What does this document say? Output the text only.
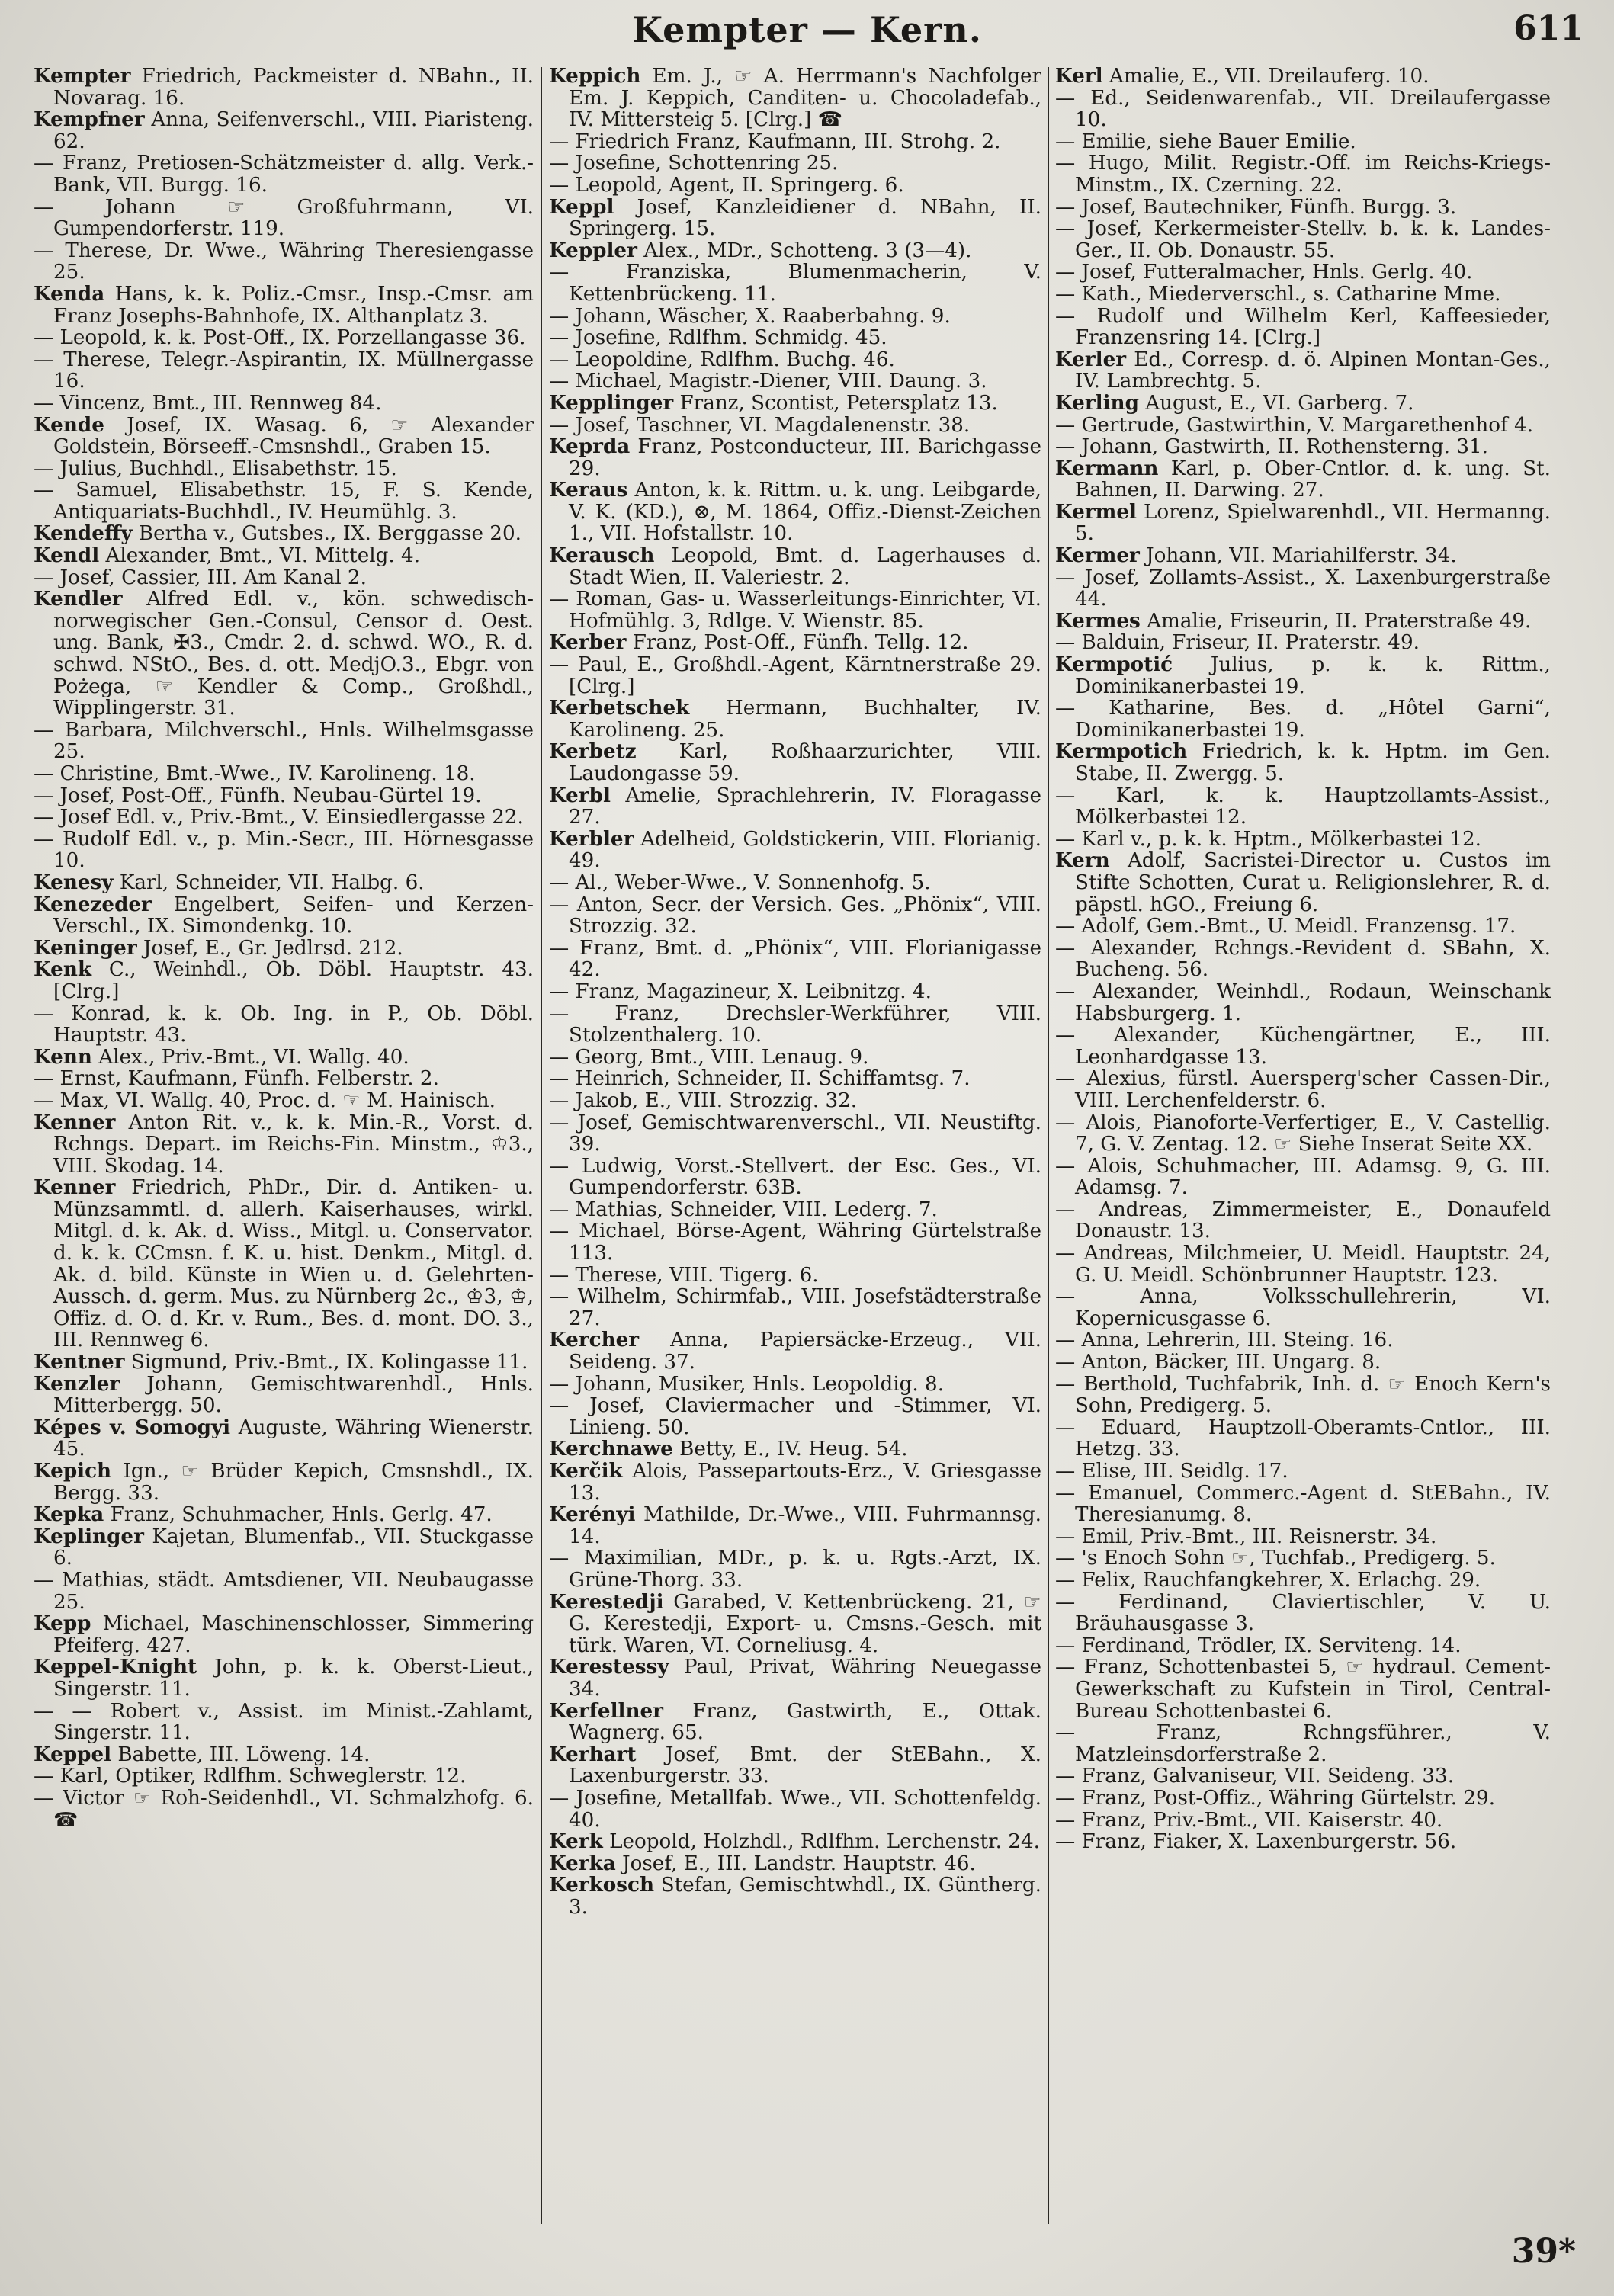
Kempter — Kern.	611

Kempter Friedrich, Packmeister d. NBahn., II. Novarag. 16.

Kempfner Anna, Seifenverschl., VIII. Piaristeng. 62.

— Franz, Pretiosen-Schätzmeister d. allg. Verk.-Bank, VII. Burgg. 16.

— Johann ☞ Großfuhrmann, VI. Gumpendorferstr. 119.

— Therese, Dr. Wwe., Währing Theresiengasse 25.

Kenda Hans, k. k. Poliz.-Cmsr., Insp.-Cmsr. am Franz Josephs-Bahnhofe, IX. Althanplatz 3.

— Leopold, k. k. Post-Off., IX. Porzellangasse 36.

— Therese, Telegr.-Aspirantin, IX. Müllnergasse 16.

— Vincenz, Bmt., III. Rennweg 84.

Kende Josef, IX. Wasag. 6, ☞ Alexander Goldstein, Börseeff.-Cmsnshdl., Graben 15.

— Julius, Buchhdl., Elisabethstr. 15.

— Samuel, Elisabethstr. 15, F. S. Kende, Antiquariats-Buchhdl., IV. Heumühlg. 3.

Kendeffy Bertha v., Gutsbes., IX. Berggasse 20.

Kendl Alexander, Bmt., VI. Mittelg. 4.

— Josef, Cassier, III. Am Kanal 2.

Kendler Alfred Edl. v., kön. schwedisch-norwegischer Gen.-Consul, Censor d. Oest. ung. Bank, ✠3., Cmdr. 2. d. schwd. WO., R. d. schwd. NStO., Bes. d. ott. MedjO.3., Ebgr. von Pożega, ☞ Kendler & Comp., Großhdl., Wipplingerstr. 31.

— Barbara, Milchverschl., Hnls. Wilhelmsgasse 25.

— Christine, Bmt.-Wwe., IV. Karolineng. 18.

— Josef, Post-Off., Fünfh. Neubau-Gürtel 19.

— Josef Edl. v., Priv.-Bmt., V. Einsiedlergasse 22.

— Rudolf Edl. v., p. Min.-Secr., III. Hörnesgasse 10.

Kenesy Karl, Schneider, VII. Halbg. 6.

Kenezeder Engelbert, Seifen- und Kerzen-Verschl., IX. Simondenkg. 10.

Keninger Josef, E., Gr. Jedlrsd. 212.

Kenk C., Weinhdl., Ob. Döbl. Hauptstr. 43. [Clrg.]

— Konrad, k. k. Ob. Ing. in P., Ob. Döbl. Hauptstr. 43.

Kenn Alex., Priv.-Bmt., VI. Wallg. 40.

— Ernst, Kaufmann, Fünfh. Felberstr. 2.

— Max, VI. Wallg. 40, Proc. d. ☞ M. Hainisch.

Kenner Anton Rit. v., k. k. Min.-R., Vorst. d. Rchngs. Depart. im Reichs-Fin. Minstm., ♔3., VIII. Skodag. 14.

Kenner Friedrich, PhDr., Dir. d. Antiken- u. Münzsammtl. d. allerh. Kaiserhauses, wirkl. Mitgl. d. k. Ak. d. Wiss., Mitgl. u. Conservator. d. k. k. CCmsn. f. K. u. hist. Denkm., Mitgl. d. Ak. d. bild. Künste in Wien u. d. Gelehrten-Aussch. d. germ. Mus. zu Nürnberg 2c., ♔3, ♔, Offiz. d. O. d. Kr. v. Rum., Bes. d. mont. DO. 3., III. Rennweg 6.

Kentner Sigmund, Priv.-Bmt., IX. Kolingasse 11.

Kenzler Johann, Gemischtwarenhdl., Hnls. Mitterbergg. 50.

Képes v. Somogyi Auguste, Währing Wienerstr. 45.

Kepich Ign., ☞ Brüder Kepich, Cmsnshdl., IX. Bergg. 33.

Kepka Franz, Schuhmacher, Hnls. Gerlg. 47.

Keplinger Kajetan, Blumenfab., VII. Stuckgasse 6.

— Mathias, städt. Amtsdiener, VII. Neubaugasse 25.

Kepp Michael, Maschinenschlosser, Simmering Pfeiferg. 427.

Keppel-Knight John, p. k. k. Oberst-Lieut., Singerstr. 11.

— — Robert v., Assist. im Minist.-Zahlamt, Singerstr. 11.

Keppel Babette, III. Löweng. 14.

— Karl, Optiker, Rdlfhm. Schweglerstr. 12.

— Victor ☞ Roh-Seidenhdl., VI. Schmalzhofg. 6. ☎

Keppich Em. J., ☞ A. Herrmann's Nachfolger Em. J. Keppich, Canditen- u. Chocoladefab., IV. Mittersteig 5. [Clrg.] ☎

— Friedrich Franz, Kaufmann, III. Strohg. 2.

— Josefine, Schottenring 25.

— Leopold, Agent, II. Springerg. 6.

Keppl Josef, Kanzleidiener d. NBahn, II. Springerg. 15.

Keppler Alex., MDr., Schotteng. 3 (3—4).

— Franziska, Blumenmacherin, V. Kettenbrückeng. 11.

— Johann, Wäscher, X. Raaberbahng. 9.

— Josefine, Rdlfhm. Schmidg. 45.

— Leopoldine, Rdlfhm. Buchg. 46.

— Michael, Magistr.-Diener, VIII. Daung. 3.

Kepplinger Franz, Scontist, Petersplatz 13.

— Josef, Taschner, VI. Magdalenenstr. 38.

Keprda Franz, Postconducteur, III. Barichgasse 29.

Keraus Anton, k. k. Rittm. u. k. ung. Leibgarde, V. K. (KD.), ⊗, M. 1864, Offiz.-Dienst-Zeichen 1., VII. Hofstallstr. 10.

Kerausch Leopold, Bmt. d. Lagerhauses d. Stadt Wien, II. Valeriestr. 2.

— Roman, Gas- u. Wasserleitungs-Einrichter, VI. Hofmühlg. 3, Rdlge. V. Wienstr. 85.

Kerber Franz, Post-Off., Fünfh. Tellg. 12.

— Paul, E., Großhdl.-Agent, Kärntnerstraße 29. [Clrg.]

Kerbetschek Hermann, Buchhalter, IV. Karolineng. 25.

Kerbetz Karl, Roßhaarzurichter, VIII. Laudongasse 59.

Kerbl Amelie, Sprachlehrerin, IV. Floragasse 27.

Kerbler Adelheid, Goldstickerin, VIII. Florianig. 49.

— Al., Weber-Wwe., V. Sonnenhofg. 5.

— Anton, Secr. der Versich. Ges. „Phönix“, VIII. Strozzig. 32.

— Franz, Bmt. d. „Phönix“, VIII. Florianigasse 42.

— Franz, Magazineur, X. Leibnitzg. 4.

— Franz, Drechsler-Werkführer, VIII. Stolzenthalerg. 10.

— Georg, Bmt., VIII. Lenaug. 9.

— Heinrich, Schneider, II. Schiffamtsg. 7.

— Jakob, E., VIII. Strozzig. 32.

— Josef, Gemischtwarenverschl., VII. Neustiftg. 39.

— Ludwig, Vorst.-Stellvert. der Esc. Ges., VI. Gumpendorferstr. 63B.

— Mathias, Schneider, VIII. Lederg. 7.

— Michael, Börse-Agent, Währing Gürtelstraße 113.

— Therese, VIII. Tigerg. 6.

— Wilhelm, Schirmfab., VIII. Josefstädterstraße 27.

Kercher Anna, Papiersäcke-Erzeug., VII. Seideng. 37.

— Johann, Musiker, Hnls. Leopoldig. 8.

— Josef, Claviermacher und -Stimmer, VI. Linieng. 50.

Kerchnawe Betty, E., IV. Heug. 54.

Kerčik Alois, Passepartouts-Erz., V. Griesgasse 13.

Kerényi Mathilde, Dr.-Wwe., VIII. Fuhrmannsg. 14.

— Maximilian, MDr., p. k. u. Rgts.-Arzt, IX. Grüne-Thorg. 33.

Kerestedji Garabed, V. Kettenbrückeng. 21, ☞ G. Kerestedji, Export- u. Cmsns.-Gesch. mit türk. Waren, VI. Corneliusg. 4.

Kerestessy Paul, Privat, Währing Neuegasse 34.

Kerfellner Franz, Gastwirth, E., Ottak. Wagnerg. 65.

Kerhart Josef, Bmt. der StEBahn., X. Laxenburgerstr. 33.

— Josefine, Metallfab. Wwe., VII. Schottenfeldg. 40.

Kerk Leopold, Holzhdl., Rdlfhm. Lerchenstr. 24.

Kerka Josef, E., III. Landstr. Hauptstr. 46.

Kerkosch Stefan, Gemischtwhdl., IX. Güntherg. 3.

Kerl Amalie, E., VII. Dreilauferg. 10.

— Ed., Seidenwarenfab., VII. Dreilaufergasse 10.

— Emilie, siehe Bauer Emilie.

— Hugo, Milit. Registr.-Off. im Reichs-Kriegs-Minstm., IX. Czerning. 22.

— Josef, Bautechniker, Fünfh. Burgg. 3.

— Josef, Kerkermeister-Stellv. b. k. k. Landes-Ger., II. Ob. Donaustr. 55.

— Josef, Futteralmacher, Hnls. Gerlg. 40.

— Kath., Miederverschl., s. Catharine Mme.

— Rudolf und Wilhelm Kerl, Kaffeesieder, Franzensring 14. [Clrg.]

Kerler Ed., Corresp. d. ö. Alpinen Montan-Ges., IV. Lambrechtg. 5.

Kerling August, E., VI. Garberg. 7.

— Gertrude, Gastwirthin, V. Margarethenhof 4.

— Johann, Gastwirth, II. Rothensterng. 31.

Kermann Karl, p. Ober-Cntlor. d. k. ung. St. Bahnen, II. Darwing. 27.

Kermel Lorenz, Spielwarenhdl., VII. Hermanng. 5.

Kermer Johann, VII. Mariahilferstr. 34.

— Josef, Zollamts-Assist., X. Laxenburgerstraße 44.

Kermes Amalie, Friseurin, II. Praterstraße 49.

— Balduin, Friseur, II. Praterstr. 49.

Kermpotić Julius, p. k. k. Rittm., Dominikanerbastei 19.

— Katharine, Bes. d. „Hôtel Garni“, Dominikanerbastei 19.

Kermpotich Friedrich, k. k. Hptm. im Gen. Stabe, II. Zwergg. 5.

— Karl, k. k. Hauptzollamts-Assist., Mölkerbastei 12.

— Karl v., p. k. k. Hptm., Mölkerbastei 12.

Kern Adolf, Sacristei-Director u. Custos im Stifte Schotten, Curat u. Religionslehrer, R. d. päpstl. hGO., Freiung 6.

— Adolf, Gem.-Bmt., U. Meidl. Franzensg. 17.

— Alexander, Rchngs.-Revident d. SBahn, X. Bucheng. 56.

— Alexander, Weinhdl., Rodaun, Weinschank Habsburgerg. 1.

— Alexander, Küchengärtner, E., III. Leonhardgasse 13.

— Alexius, fürstl. Auersperg'scher Cassen-Dir., VIII. Lerchenfelderstr. 6.

— Alois, Pianoforte-Verfertiger, E., V. Castellig. 7, G. V. Zentag. 12. ☞ Siehe Inserat Seite XX.

— Alois, Schuhmacher, III. Adamsg. 9, G. III. Adamsg. 7.

— Andreas, Zimmermeister, E., Donaufeld Donaustr. 13.

— Andreas, Milchmeier, U. Meidl. Hauptstr. 24, G. U. Meidl. Schönbrunner Hauptstr. 123.

— Anna, Volksschullehrerin, VI. Kopernicusgasse 6.

— Anna, Lehrerin, III. Steing. 16.

— Anton, Bäcker, III. Ungarg. 8.

— Berthold, Tuchfabrik, Inh. d. ☞ Enoch Kern's Sohn, Predigerg. 5.

— Eduard, Hauptzoll-Oberamts-Cntlor., III. Hetzg. 33.

— Elise, III. Seidlg. 17.

— Emanuel, Commerc.-Agent d. StEBahn., IV. Theresianumg. 8.

— Emil, Priv.-Bmt., III. Reisnerstr. 34.

— 's Enoch Sohn ☞, Tuchfab., Predigerg. 5.

— Felix, Rauchfangkehrer, X. Erlachg. 29.

— Ferdinand, Claviertischler, V. U. Bräuhausgasse 3.

— Ferdinand, Trödler, IX. Serviteng. 14.

— Franz, Schottenbastei 5, ☞ hydraul. Cement-Gewerkschaft zu Kufstein in Tirol, Central-Bureau Schottenbastei 6.

— Franz, Rchngsführer., V. Matzleinsdorferstraße 2.

— Franz, Galvaniseur, VII. Seideng. 33.

— Franz, Post-Offiz., Währing Gürtelstr. 29.

— Franz, Priv.-Bmt., VII. Kaiserstr. 40.

— Franz, Fiaker, X. Laxenburgerstr. 56.

39*
